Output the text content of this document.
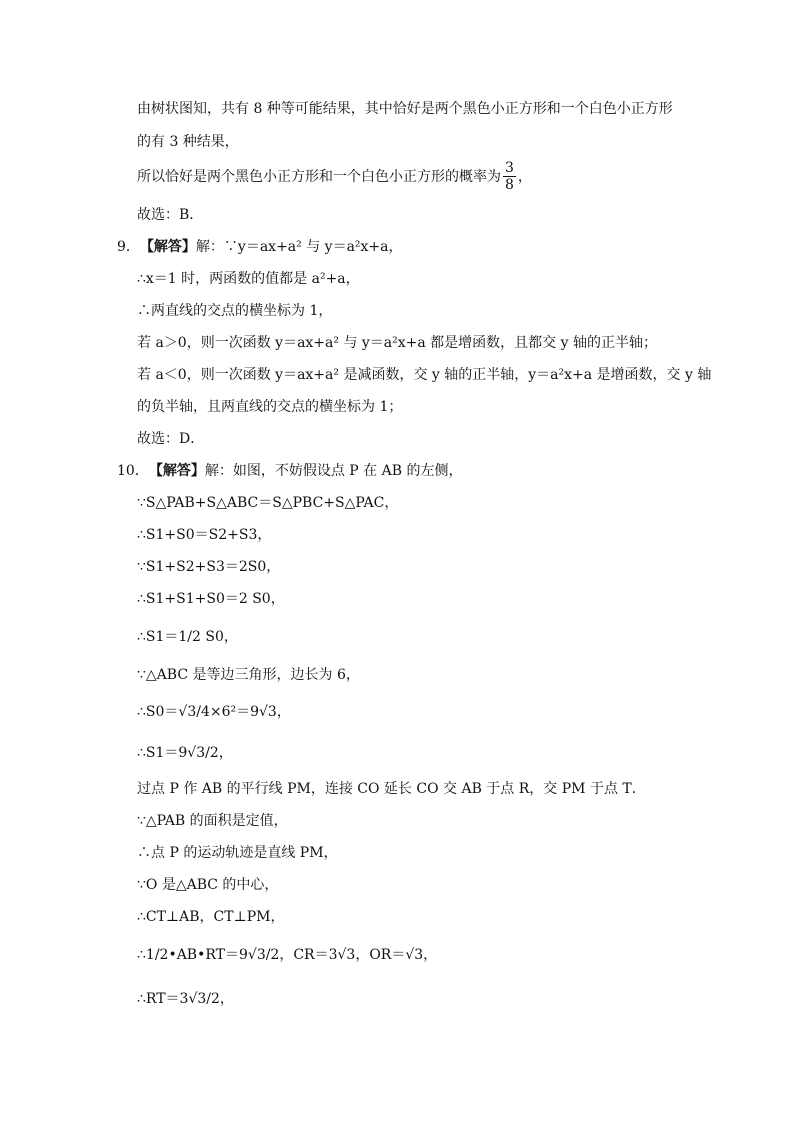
由树状图知，共有 8 种等可能结果，其中恰好是两个黑色小正方形和一个白色小正方形
的有 3 种结果，
所以恰好是两个黑色小正方形和一个白色小正方形的概率为 $\frac{3}{8}$ ，
故选：B．
9． 【解答】 解：∵y＝ax+a² 与 y＝a²x+a，
∴x＝1 时，两函数的值都是 a²+a，
∴两直线的交点的横坐标为 1，
若 a＞0，则一次函数 y＝ax+a² 与 y＝a²x+a 都是增函数，且都交 y 轴的正半轴；
若 a＜0，则一次函数 y＝ax+a² 是减函数，交 y 轴的正半轴，y＝a²x+a 是增函数，交 y 轴
的负半轴，且两直线的交点的横坐标为 1；
故选：D．
10． 【解答】 解：如图，不妨假设点 P 在 AB 的左侧，
∵S△PAB+S△ABC＝S△PBC+S△PAC，
∴S1+S0＝S2+S3，
∵S1+S2+S3＝2S0，
∴S1+S1+S0＝2 S0，
∴S1＝1/2 S0，
∵△ABC 是等边三角形，边长为 6，
∴S0＝√3/4×6²＝9√3，
∴S1＝9√3/2，
过点 P 作 AB 的平行线 PM，连接 CO 延长 CO 交 AB 于点 R，交 PM 于点 T．
∵△PAB 的面积是定值，
∴点 P 的运动轨迹是直线 PM，
∵O 是△ABC 的中心，
∴CT⊥AB，CT⊥PM，
∴1/2•AB•RT＝9√3/2，CR＝3√3，OR＝√3，
∴RT＝3√3/2，
